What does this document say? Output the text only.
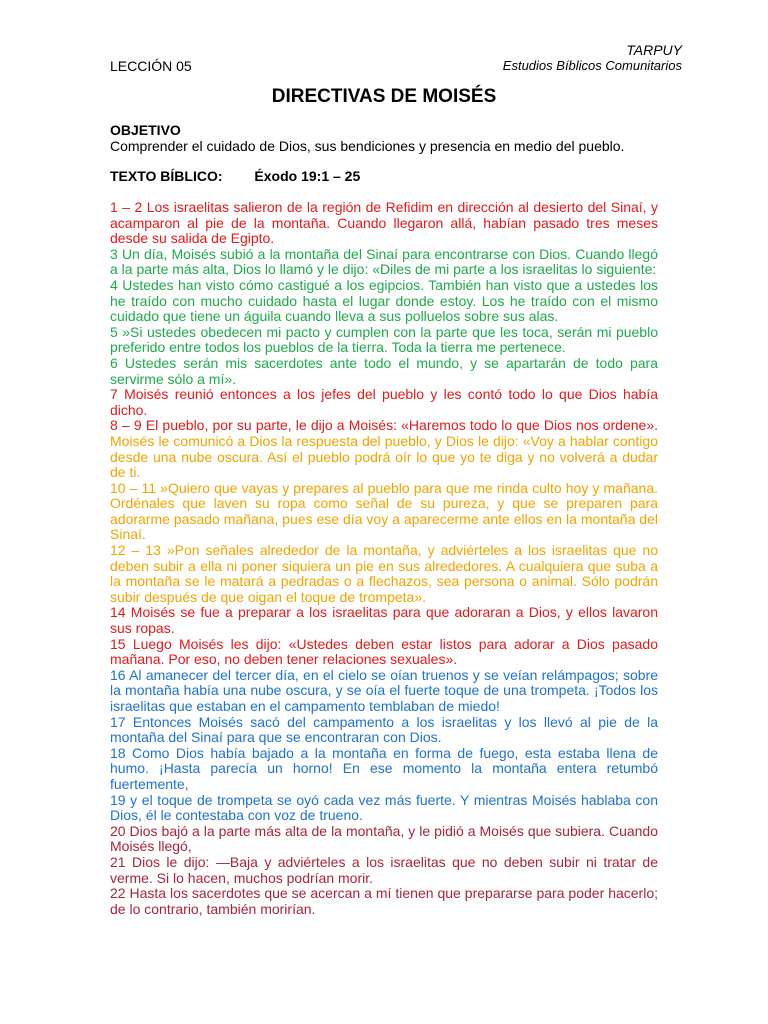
TARPUY
LECCIÓN 05	Estudios Bíblicos Comunitarios
DIRECTIVAS DE MOISÉS
OBJETIVO
Comprender el cuidado de Dios, sus bendiciones y presencia en medio del pueblo.
TEXTO BÍBLICO: Éxodo 19:1 – 25

1 – 2 Los israelitas salieron de la región de Refidim en dirección al desierto del Sinaí, y acamparon al pie de la montaña. Cuando llegaron allá, habían pasado tres meses desde su salida de Egipto.

3 Un día, Moisés subió a la montaña del Sinaí para encontrarse con Dios. Cuando llegó a la parte más alta, Dios lo llamó y le dijo: «Diles de mi parte a los israelitas lo siguiente:

4 Ustedes han visto cómo castigué a los egipcios. También han visto que a ustedes los he traído con mucho cuidado hasta el lugar donde estoy. Los he traído con el mismo cuidado que tiene un águila cuando lleva a sus polluelos sobre sus alas.

5 »Si ustedes obedecen mi pacto y cumplen con la parte que les toca, serán mi pueblo preferido entre todos los pueblos de la tierra. Toda la tierra me pertenece.

6 Ustedes serán mis sacerdotes ante todo el mundo, y se apartarán de todo para servirme sólo a mí».

7 Moisés reunió entonces a los jefes del pueblo y les contó todo lo que Dios había dicho.

8 – 9 El pueblo, por su parte, le dijo a Moisés: «Haremos todo lo que Dios nos ordene». Moisés le comunicó a Dios la respuesta del pueblo, y Dios le dijo: «Voy a hablar contigo desde una nube oscura. Así el pueblo podrá oír lo que yo te diga y no volverá a dudar de ti.

10 – 11 »Quiero que vayas y prepares al pueblo para que me rinda culto hoy y mañana. Ordénales que laven su ropa como señal de su pureza, y que se preparen para adorarme pasado mañana, pues ese día voy a aparecerme ante ellos en la montaña del Sinaí.

12 – 13 »Pon señales alrededor de la montaña, y adviérteles a los israelitas que no deben subir a ella ni poner siquiera un pie en sus alrededores. A cualquiera que suba a la montaña se le matará a pedradas o a flechazos, sea persona o animal. Sólo podrán subir después de que oigan el toque de trompeta».

14 Moisés se fue a preparar a los israelitas para que adoraran a Dios, y ellos lavaron sus ropas.

15 Luego Moisés les dijo: «Ustedes deben estar listos para adorar a Dios pasado mañana. Por eso, no deben tener relaciones sexuales».

16 Al amanecer del tercer día, en el cielo se oían truenos y se veían relámpagos; sobre la montaña había una nube oscura, y se oía el fuerte toque de una trompeta. ¡Todos los israelitas que estaban en el campamento temblaban de miedo!

17 Entonces Moisés sacó del campamento a los israelitas y los llevó al pie de la montaña del Sinaí para que se encontraran con Dios.

18 Como Dios había bajado a la montaña en forma de fuego, esta estaba llena de humo. ¡Hasta parecía un horno! En ese momento la montaña entera retumbó fuertemente,

19 y el toque de trompeta se oyó cada vez más fuerte. Y mientras Moisés hablaba con Dios, él le contestaba con voz de trueno.

20 Dios bajó a la parte más alta de la montaña, y le pidió a Moisés que subiera. Cuando Moisés llegó,

21 Dios le dijo: —Baja y adviérteles a los israelitas que no deben subir ni tratar de verme. Si lo hacen, muchos podrían morir.

22 Hasta los sacerdotes que se acercan a mí tienen que prepararse para poder hacerlo; de lo contrario, también morirían.
